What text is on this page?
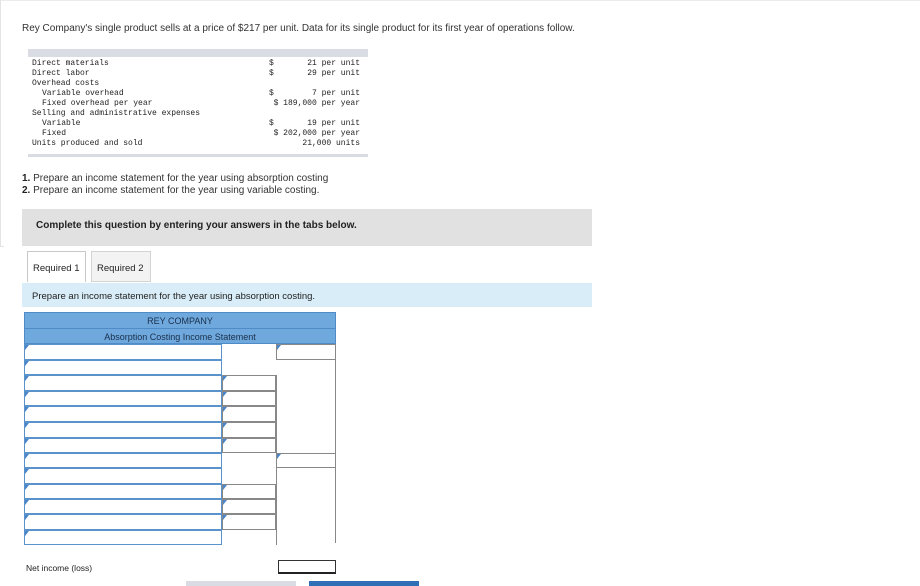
Rey Company's single product sells at a price of $217 per unit. Data for its single product for its first year of operations follow.
Direct materials	$	21 per unit
Direct labor	$	29 per unit
Overhead costs
Variable overhead	$	7 per unit
Fixed overhead per year	$ 189,000 per year
Selling and administrative expenses
Variable	$	19 per unit
Fixed	$ 202,000 per year
Units produced and sold	21,000 units
1. Prepare an income statement for the year using absorption costing
2. Prepare an income statement for the year using variable costing.
Complete this question by entering your answers in the tabs below.
Required 1 Required 2
Prepare an income statement for the year using absorption costing.
REY COMPANY
Absorption Costing Income Statement
Net income (loss)
